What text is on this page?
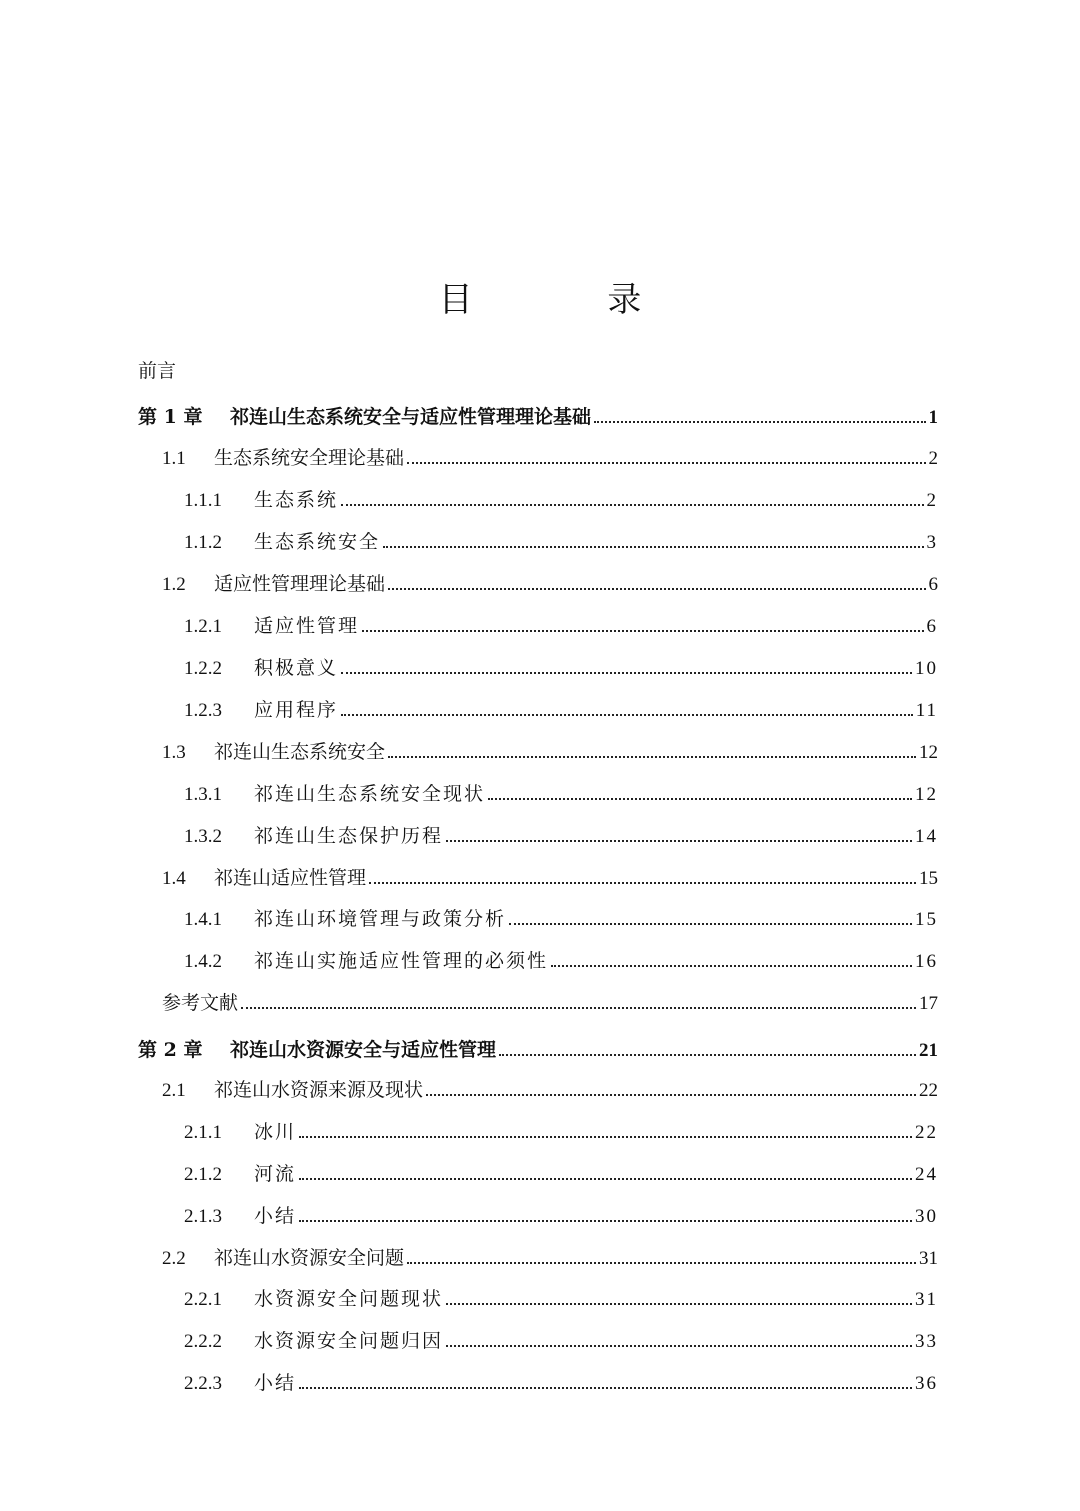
目 录
前言
第 1 章	祁连山生态系统安全与适应性管理理论基础	1
1.1	生态系统安全理论基础	2
1.1.1	生态系统	2
1.1.2	生态系统安全	3
1.2	适应性管理理论基础	6
1.2.1	适应性管理	6
1.2.2	积极意义	10
1.2.3	应用程序	11
1.3	祁连山生态系统安全	12
1.3.1	祁连山生态系统安全现状	12
1.3.2	祁连山生态保护历程	14
1.4	祁连山适应性管理	15
1.4.1	祁连山环境管理与政策分析	15
1.4.2	祁连山实施适应性管理的必须性	16
参考文献	17
第 2 章	祁连山水资源安全与适应性管理	21
2.1	祁连山水资源来源及现状	22
2.1.1	冰川	22
2.1.2	河流	24
2.1.3	小结	30
2.2	祁连山水资源安全问题	31
2.2.1	水资源安全问题现状	31
2.2.2	水资源安全问题归因	33
2.2.3	小结	36
